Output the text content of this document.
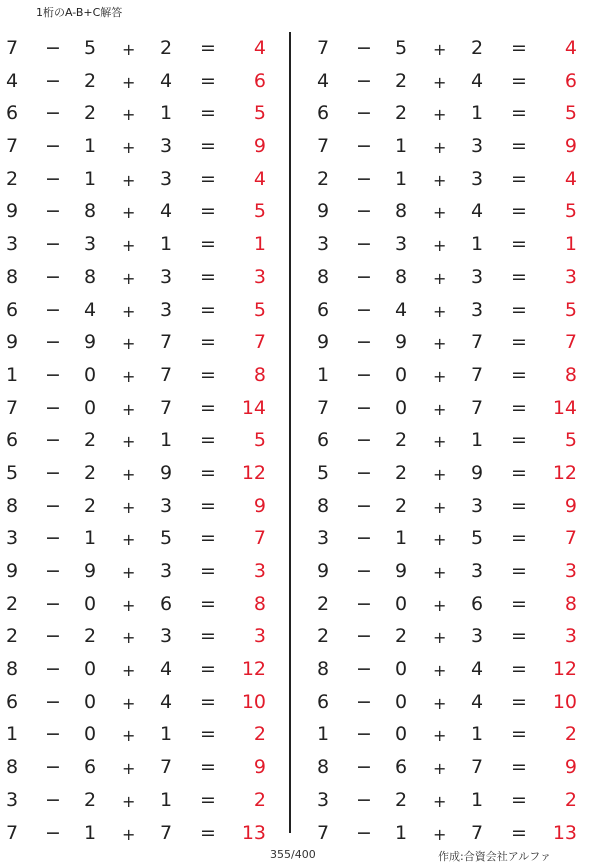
1桁のA-B+C解答
7 − 5 + 2 = 4
4 − 2 + 4 = 6
6 − 2 + 1 = 5
7 − 1 + 3 = 9
2 − 1 + 3 = 4
9 − 8 + 4 = 5
3 − 3 + 1 = 1
8 − 8 + 3 = 3
6 − 4 + 3 = 5
9 − 9 + 7 = 7
1 − 0 + 7 = 8
7 − 0 + 7 = 14
6 − 2 + 1 = 5
5 − 2 + 9 = 12
8 − 2 + 3 = 9
3 − 1 + 5 = 7
9 − 9 + 3 = 3
2 − 0 + 6 = 8
2 − 2 + 3 = 3
8 − 0 + 4 = 12
6 − 0 + 4 = 10
1 − 0 + 1 = 2
8 − 6 + 7 = 9
3 − 2 + 1 = 2
7 − 1 + 7 = 13
7 − 5 + 2 = 4
4 − 2 + 4 = 6
6 − 2 + 1 = 5
7 − 1 + 3 = 9
2 − 1 + 3 = 4
9 − 8 + 4 = 5
3 − 3 + 1 = 1
8 − 8 + 3 = 3
6 − 4 + 3 = 5
9 − 9 + 7 = 7
1 − 0 + 7 = 8
7 − 0 + 7 = 14
6 − 2 + 1 = 5
5 − 2 + 9 = 12
8 − 2 + 3 = 9
3 − 1 + 5 = 7
9 − 9 + 3 = 3
2 − 0 + 6 = 8
2 − 2 + 3 = 3
8 − 0 + 4 = 12
6 − 0 + 4 = 10
1 − 0 + 1 = 2
8 − 6 + 7 = 9
3 − 2 + 1 = 2
7 − 1 + 7 = 13
355/400	作成:合資会社アルファ
